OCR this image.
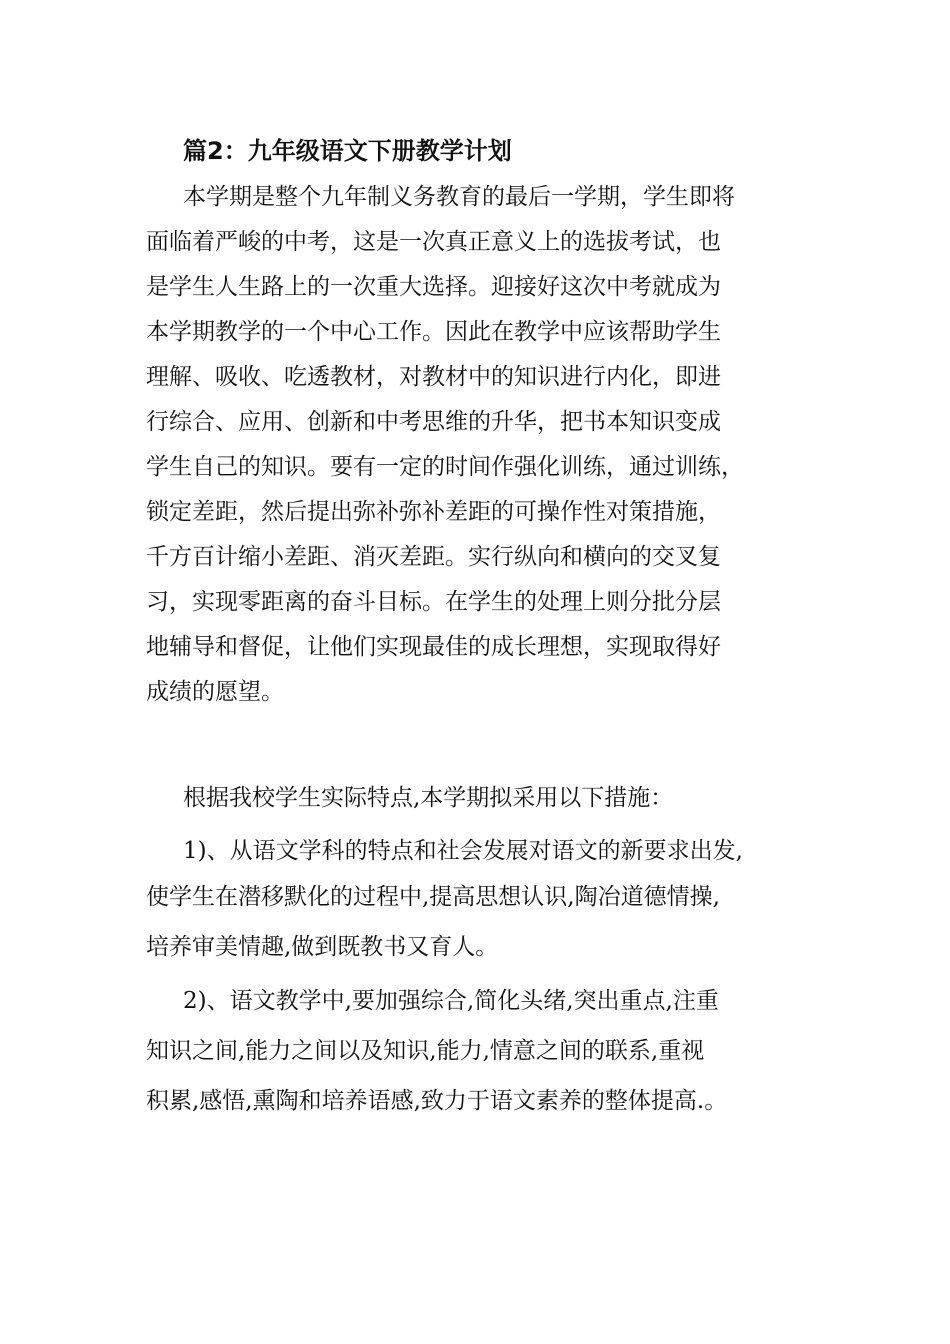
篇2：九年级语文下册教学计划
本学期是整个九年制义务教育的最后一学期，学生即将
面临着严峻的中考，这是一次真正意义上的选拔考试，也
是学生人生路上的一次重大选择。迎接好这次中考就成为
本学期教学的一个中心工作。因此在教学中应该帮助学生
理解、吸收、吃透教材，对教材中的知识进行内化，即进
行综合、应用、创新和中考思维的升华，把书本知识变成
学生自己的知识。要有一定的时间作强化训练，通过训练，
锁定差距，然后提出弥补弥补差距的可操作性对策措施，
千方百计缩小差距、消灭差距。实行纵向和横向的交叉复
习，实现零距离的奋斗目标。在学生的处理上则分批分层
地辅导和督促，让他们实现最佳的成长理想，实现取得好
成绩的愿望。
根据我校学生实际特点,本学期拟采用以下措施：
1)、从语文学科的特点和社会发展对语文的新要求出发,
使学生在潜移默化的过程中,提高思想认识,陶冶道德情操,
培养审美情趣,做到既教书又育人。
2)、语文教学中,要加强综合,简化头绪,突出重点,注重
知识之间,能力之间以及知识,能力,情意之间的联系,重视
积累,感悟,熏陶和培养语感,致力于语文素养的整体提高.。
